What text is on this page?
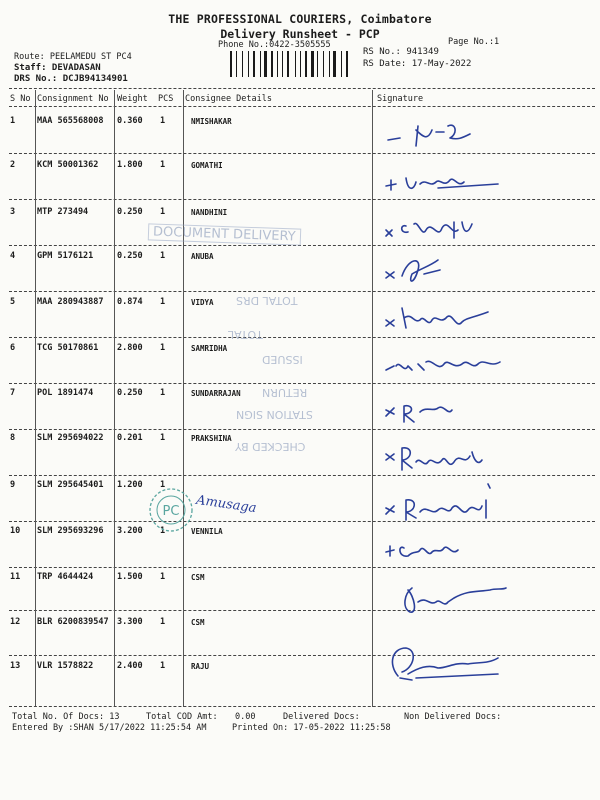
THE PROFESSIONAL COURIERS, Coimbatore
Delivery Runsheet - PCP
Phone No.:0422-3505555	Page No.:1
RS No.: 941349
RS Date: 17-May-2022
Route: PEELAMEDU ST PC4
Staff: DEVADASAN
DRS No.: DCJB94134901
S No Consignment No Weight PCS Consignee Details	Signature
1	MAA 565568008 0.360 1	NMISHAKAR
2	KCM 50001362 1.800 1	GOMATHI
3	MTP 273494	0.250 1	NANDHINI
4	GPM 5176121	0.250 1	ANUBA
5	MAA 280943887 0.874 1	VIDYA
6	TCG 50170861 2.800 1	SAMRIDHA
7	POL 1891474	0.250 1	SUNDARRAJAN
8	SLM 295694022 0.201 1	PRAKSHINA
9	SLM 295645401 1.200 1
10 SLM 295693296 3.200 1	VENNILA
11 TRP 4644424	1.500 1	CSM
12 BLR 6200839547 3.300 1	CSM
13 VLR 1578822	2.400 1	RAJU
DOCUMENT DELIVERY
TOTAL DRS
TOTAL
ISSUED
RETURN
STATION SIGN
CHECKED BY
PC Amusaga
Total No. Of Docs: 13	Total COD Amt: 0.00	Delivered Docs:	Non Delivered Docs:
Entered By :SHAN 5/17/2022 11:25:54 AM	Printed On: 17-05-2022 11:25:58
